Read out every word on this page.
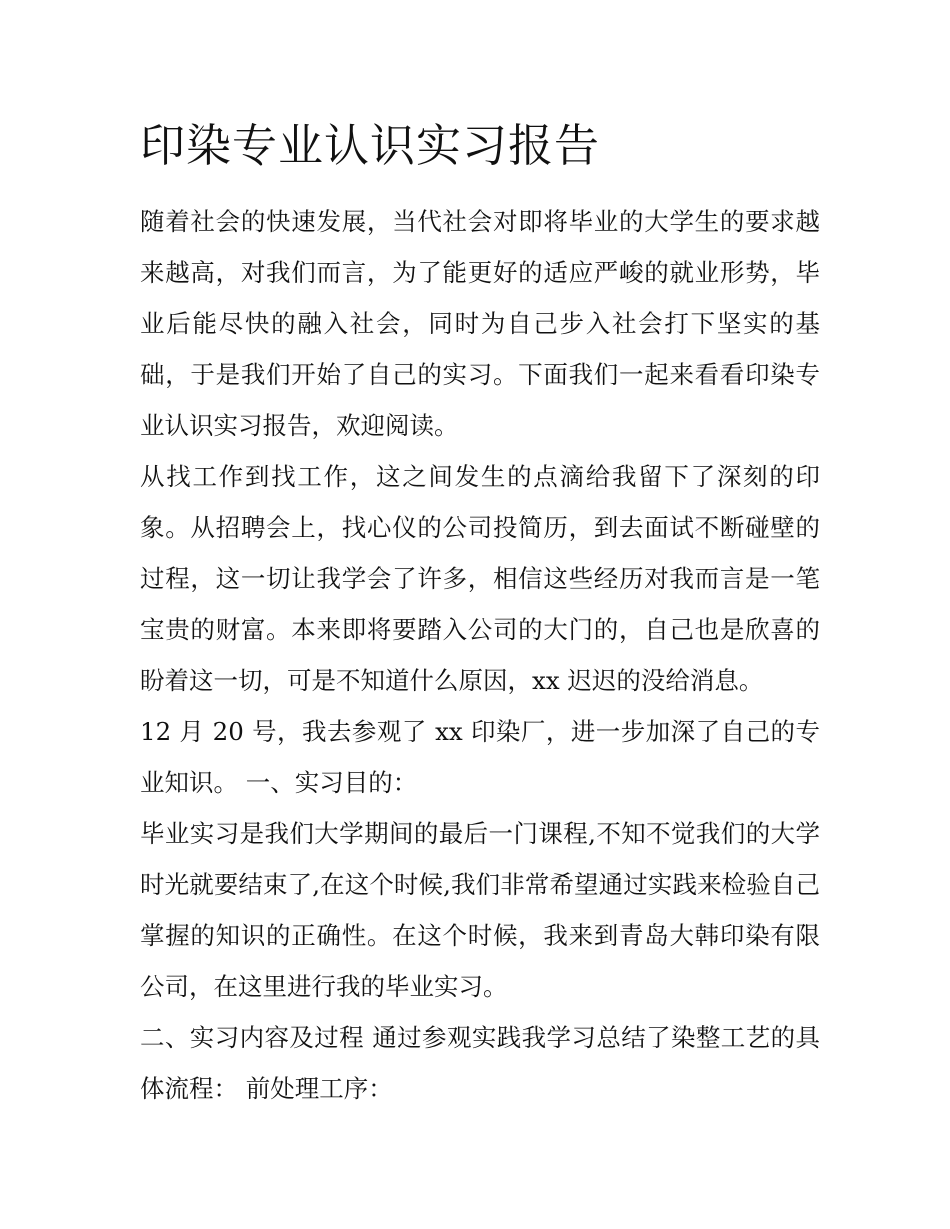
印染专业认识实习报告

随着社会的快速发展，当代社会对即将毕业的大学生的要求越来越高，对我们而言，为了能更好的适应严峻的就业形势，毕业后能尽快的融入社会，同时为自己步入社会打下坚实的基础，于是我们开始了自己的实习。下面我们一起来看看印染专业认识实习报告，欢迎阅读。

从找工作到找工作，这之间发生的点滴给我留下了深刻的印象。从招聘会上，找心仪的公司投简历，到去面试不断碰壁的过程，这一切让我学会了许多，相信这些经历对我而言是一笔宝贵的财富。本来即将要踏入公司的大门的，自己也是欣喜的盼着这一切，可是不知道什么原因，xx 迟迟的没给消息。

12 月 20 号，我去参观了 xx 印染厂，进一步加深了自己的专业知识。 一、实习目的：

毕业实习是我们大学期间的最后一门课程,不知不觉我们的大学时光就要结束了,在这个时候,我们非常希望通过实践来检验自己掌握的知识的正确性。在这个时候，我来到青岛大韩印染有限公司，在这里进行我的毕业实习。

二、实习内容及过程 通过参观实践我学习总结了染整工艺的具体流程： 前处理工序：
